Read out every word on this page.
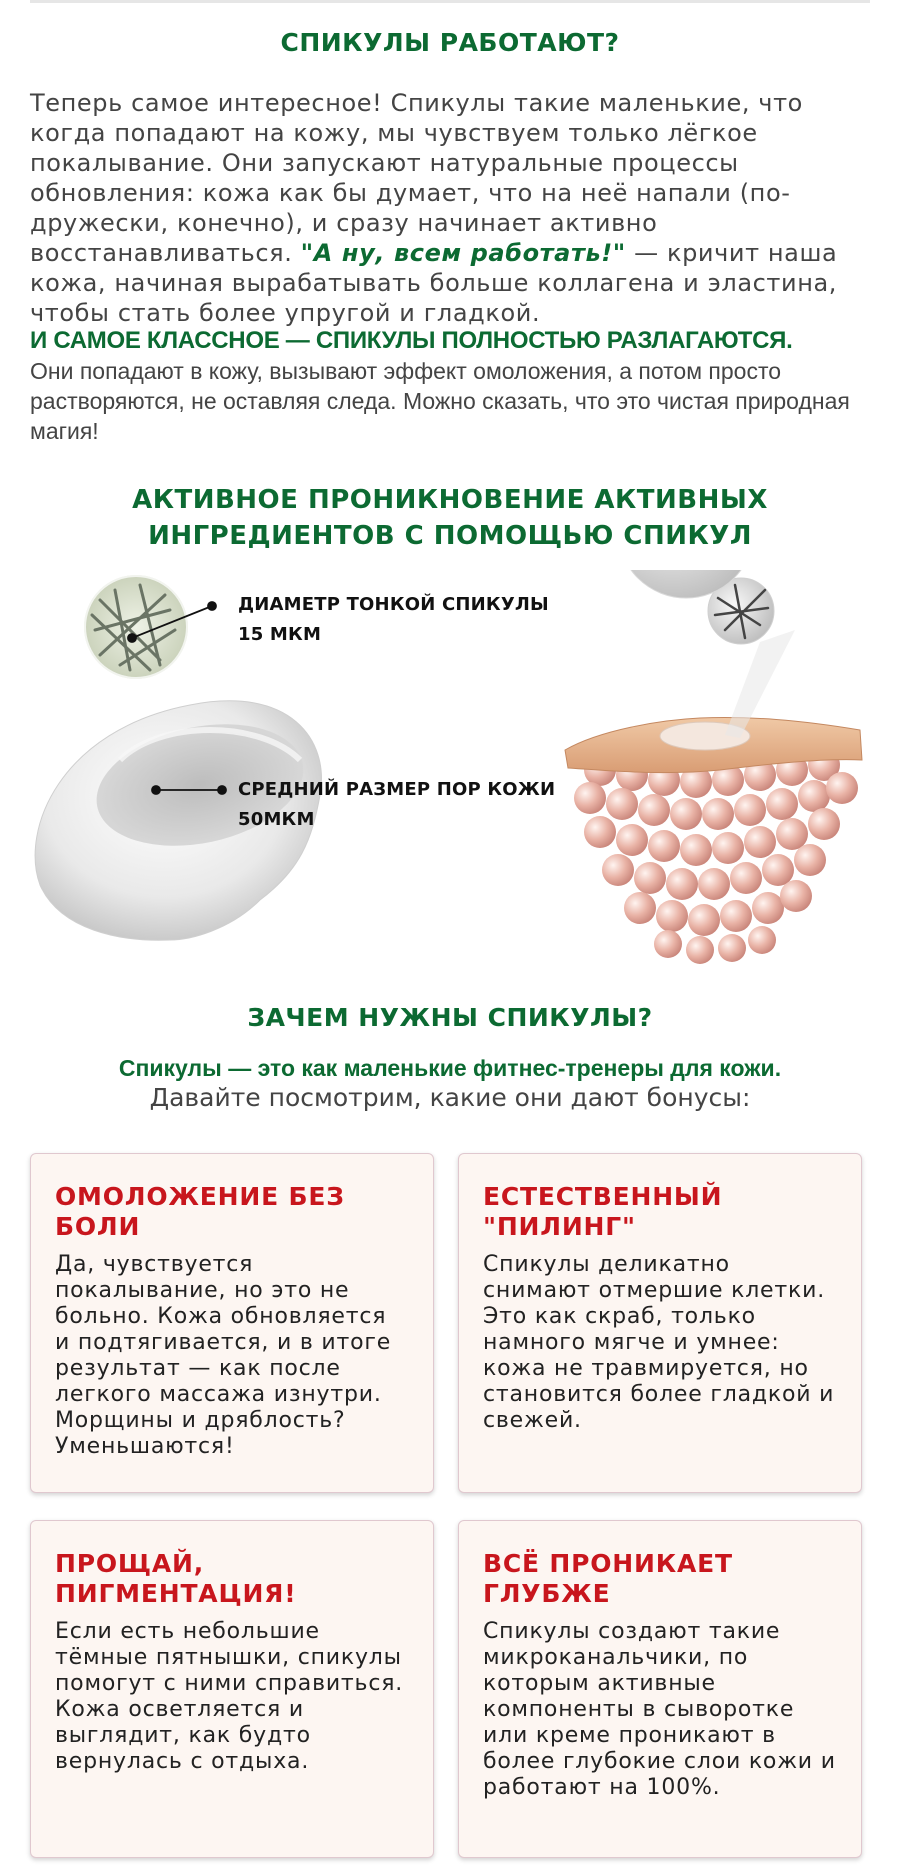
СПИКУЛЫ РАБОТАЮТ?

Теперь самое интересное! Спикулы такие маленькие, что когда попадают на кожу, мы чувствуем только лёгкое покалывание. Они запускают натуральные процессы обновления: кожа как бы думает, что на неё напали (по-дружески, конечно), и сразу начинает активно восстанавливаться. "А ну, всем работать!" — кричит наша кожа, начиная вырабатывать больше коллагена и эластина, чтобы стать более упругой и гладкой.

И САМОЕ КЛАССНОЕ — СПИКУЛЫ ПОЛНОСТЬЮ РАЗЛАГАЮТСЯ.

Они попадают в кожу, вызывают эффект омоложения, а потом просто растворяются, не оставляя следа. Можно сказать, что это чистая природная магия!

АКТИВНОЕ ПРОНИКНОВЕНИЕ АКТИВНЫХ
ИНГРЕДИЕНТОВ С ПОМОЩЬЮ СПИКУЛ
ДИАМЕТР ТОНКОЙ СПИКУЛЫ
15 МКМ
СРЕДНИЙ РАЗМЕР ПОР КОЖИ
50МКМ
ЗАЧЕМ НУЖНЫ СПИКУЛЫ?

Спикулы — это как маленькие фитнес-тренеры для кожи.

Давайте посмотрим, какие они дают бонусы:

ОМОЛОЖЕНИЕ БЕЗ БОЛИ

Да, чувствуется покалывание, но это не больно. Кожа обновляется и подтягивается, и в итоге результат — как после легкого массажа изнутри. Морщины и дряблость? Уменьшаются!

ЕСТЕСТВЕННЫЙ "ПИЛИНГ"

Спикулы деликатно снимают отмершие клетки. Это как скраб, только намного мягче и умнее: кожа не травмируется, но становится более гладкой и свежей.

ПРОЩАЙ, ПИГМЕНТАЦИЯ!

Если есть небольшие тёмные пятнышки, спикулы помогут с ними справиться. Кожа осветляется и выглядит, как будто вернулась с отдыха.

ВСЁ ПРОНИКАЕТ ГЛУБЖЕ

Спикулы создают такие микроканальчики, по которым активные компоненты в сыворотке или креме проникают в более глубокие слои кожи и работают на 100%.
